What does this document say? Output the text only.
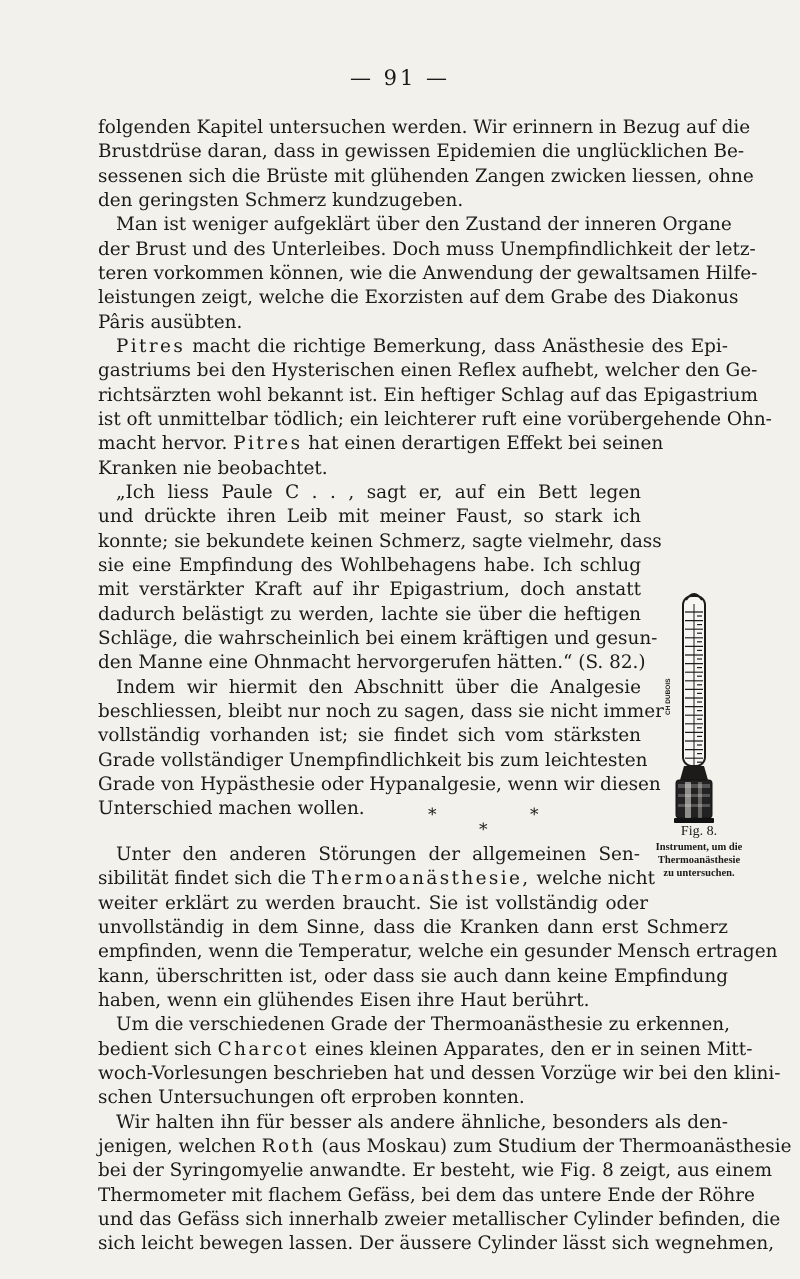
— 91 —
folgenden Kapitel untersuchen werden. Wir erinnern in Bezug auf die
Brustdrüse daran, dass in gewissen Epidemien die unglücklichen Be-
sessenen sich die Brüste mit glühenden Zangen zwicken liessen, ohne
den geringsten Schmerz kundzugeben.
Man ist weniger aufgeklärt über den Zustand der inneren Organe
der Brust und des Unterleibes. Doch muss Unempfindlichkeit der letz-
teren vorkommen können, wie die Anwendung der gewaltsamen Hilfe-
leistungen zeigt, welche die Exorzisten auf dem Grabe des Diakonus
Pâris ausübten.
Pitres macht die richtige Bemerkung, dass Anästhesie des Epi-
gastriums bei den Hysterischen einen Reflex aufhebt, welcher den Ge-
richtsärzten wohl bekannt ist. Ein heftiger Schlag auf das Epigastrium
ist oft unmittelbar tödlich; ein leichterer ruft eine vorübergehende Ohn-
macht hervor. Pitres hat einen derartigen Effekt bei seinen
Kranken nie beobachtet.
„Ich liess Paule C . . , sagt er, auf ein Bett legen
und drückte ihren Leib mit meiner Faust, so stark ich
konnte; sie bekundete keinen Schmerz, sagte vielmehr, dass
sie eine Empfindung des Wohlbehagens habe. Ich schlug
mit verstärkter Kraft auf ihr Epigastrium, doch anstatt
dadurch belästigt zu werden, lachte sie über die heftigen
Schläge, die wahrscheinlich bei einem kräftigen und gesun-
den Manne eine Ohnmacht hervorgerufen hätten.“ (S. 82.)
Indem wir hiermit den Abschnitt über die Analgesie
beschliessen, bleibt nur noch zu sagen, dass sie nicht immer
vollständig vorhanden ist; sie findet sich vom stärksten
Grade vollständiger Unempfindlichkeit bis zum leichtesten
Grade von Hypästhesie oder Hypanalgesie, wenn wir diesen
Unterschied machen wollen.	*	*
*
Unter den anderen Störungen der allgemeinen Sen-
sibilität findet sich die Thermoanästhesie, welche nicht
weiter erklärt zu werden braucht. Sie ist vollständig oder
unvollständig in dem Sinne, dass die Kranken dann erst Schmerz
empfinden, wenn die Temperatur, welche ein gesunder Mensch ertragen
kann, überschritten ist, oder dass sie auch dann keine Empfindung
haben, wenn ein glühendes Eisen ihre Haut berührt.
Um die verschiedenen Grade der Thermoanästhesie zu erkennen,
bedient sich Charcot eines kleinen Apparates, den er in seinen Mitt-
woch-Vorlesungen beschrieben hat und dessen Vorzüge wir bei den klini-
schen Untersuchungen oft erproben konnten.
Wir halten ihn für besser als andere ähnliche, besonders als den-
jenigen, welchen Roth (aus Moskau) zum Studium der Thermoanästhesie
bei der Syringomyelie anwandte. Er besteht, wie Fig. 8 zeigt, aus einem
Thermometer mit flachem Gefäss, bei dem das untere Ende der Röhre
und das Gefäss sich innerhalb zweier metallischer Cylinder befinden, die
sich leicht bewegen lassen. Der äussere Cylinder lässt sich wegnehmen,
CH DUBOIS
Fig. 8.
Instrument, um die
Thermoanästhesie
zu untersuchen.
